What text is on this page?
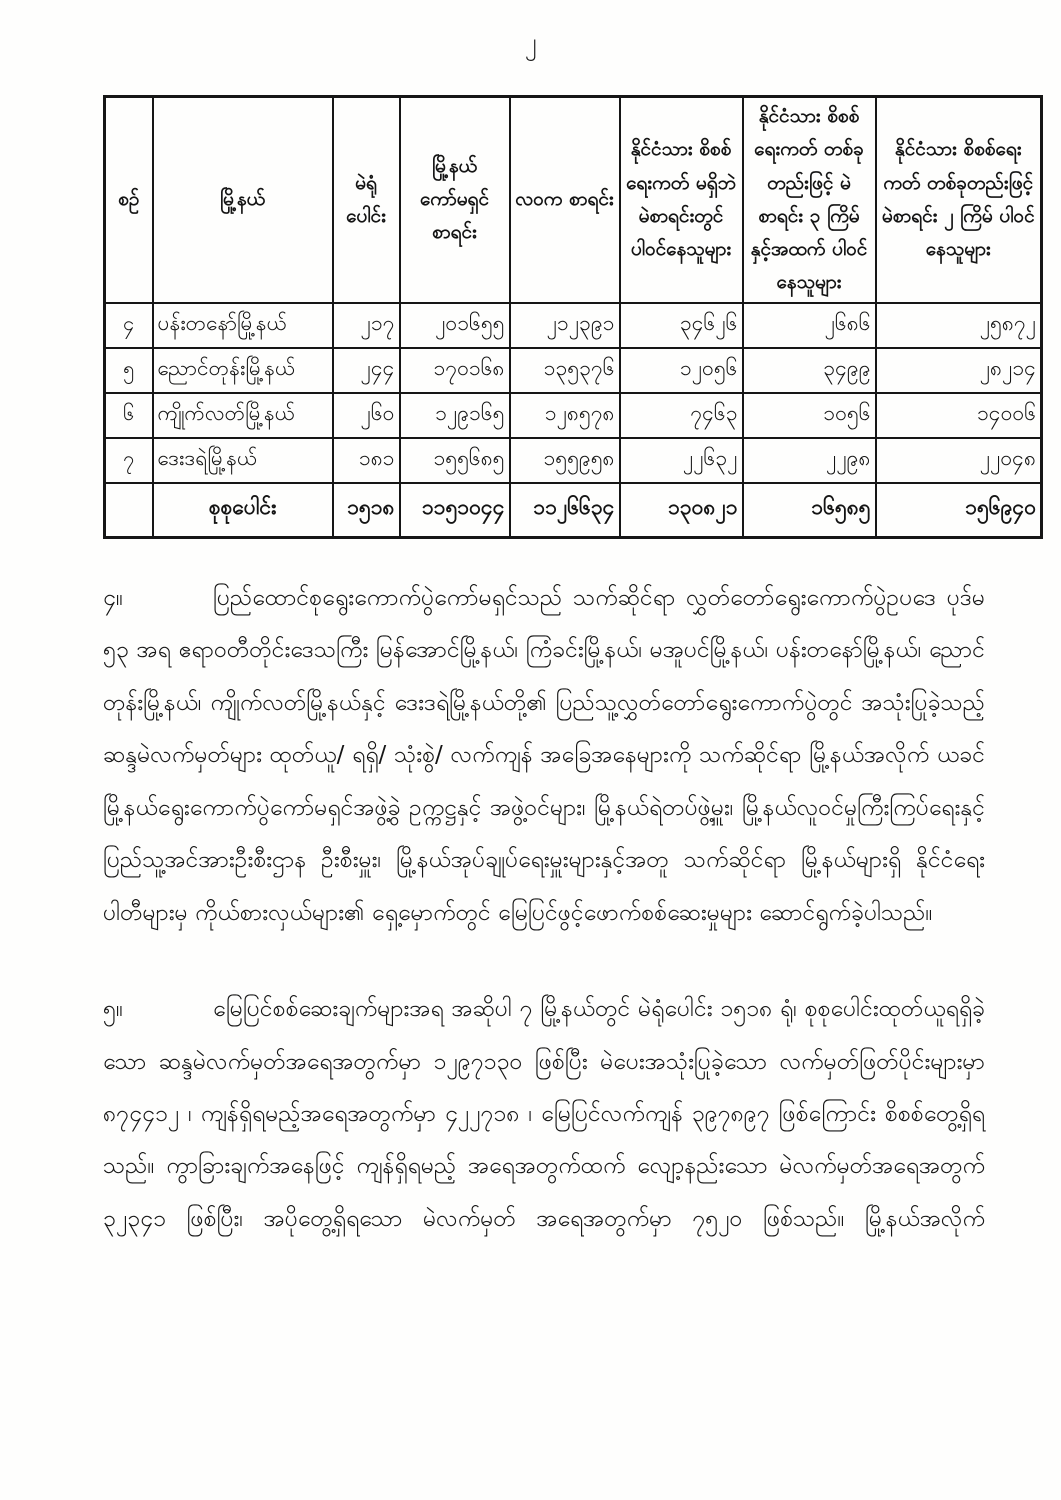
၂
စဉ်	မြို့နယ်	မဲရုံ ပေါင်း	မြို့နယ် ကော်မရှင် စာရင်း	လဝက စာရင်း	နိုင်ငံသား စိစစ်ရေးကတ် မရှိဘဲ မဲစာရင်းတွင် ပါဝင်နေသူများ	နိုင်ငံသား စိစစ်ရေးကတ် တစ်ခုတည်းဖြင့် မဲစာရင်း ၃ ကြိမ် နှင့်အထက် ပါဝင်နေသူများ	နိုင်ငံသား စိစစ်ရေးကတ် တစ်ခုတည်းဖြင့် မဲစာရင်း ၂ ကြိမ် ပါဝင်နေသူများ
၄	ပန်းတနော်မြို့နယ်	၂၁၇	၂၀၁၆၅၅	၂၁၂၃၉၁	၃၄၆၂၆	၂၆၈၆	၂၅၈၇၂
၅	ညောင်တုန်းမြို့နယ်	၂၄၄	၁၇၀၁၆၈	၁၃၅၃၇၆	၁၂၀၅၆	၃၄၉၉	၂၈၂၁၄
၆	ကျိုက်လတ်မြို့နယ်	၂၆၀	၁၂၉၁၆၅	၁၂၈၅၇၈	၇၄၆၃	၁၀၅၆	၁၄၀၀၆
၇	ဒေးဒရဲမြို့နယ်	၁၈၁	၁၅၅၆၈၅	၁၅၅၉၅၈	၂၂၆၃၂	၂၂၉၈	၂၂၀၄၈
	စုစုပေါင်း	၁၅၁၈	၁၁၅၁၀၄၄	၁၁၂၆၆၃၄	၁၃၀၈၂၁	၁၆၅၈၅	၁၅၆၉၄၀

၄။	ပြည်ထောင်စုရွေးကောက်ပွဲကော်မရှင်သည် သက်ဆိုင်ရာ လွှတ်တော်ရွေးကောက်ပွဲဥပဒေ ပုဒ်မ ၅၃ အရ ဧရာဝတီတိုင်းဒေသကြီး မြန်အောင်မြို့နယ်၊ ကြံခင်းမြို့နယ်၊ မအူပင်မြို့နယ်၊ ပန်းတနော်မြို့နယ်၊ ညောင်တုန်းမြို့နယ်၊ ကျိုက်လတ်မြို့နယ်နှင့် ဒေးဒရဲမြို့နယ်တို့၏ ပြည်သူ့လွှတ်တော်ရွေးကောက်ပွဲတွင် အသုံးပြုခဲ့သည့် ဆန္ဒမဲလက်မှတ်များ ထုတ်ယူ/ ရရှိ/ သုံးစွဲ/ လက်ကျန် အခြေအနေများကို သက်ဆိုင်ရာ မြို့နယ်အလိုက် ယခင်မြို့နယ်ရွေးကောက်ပွဲကော်မရှင်အဖွဲ့ခွဲ ဥက္ကဋ္ဌနှင့် အဖွဲ့ဝင်များ၊ မြို့နယ်ရဲတပ်ဖွဲ့မှူး၊ မြို့နယ်လူဝင်မှုကြီးကြပ်ရေးနှင့် ပြည်သူ့အင်အားဦးစီးဌာန ဦးစီးမှူး၊ မြို့နယ်အုပ်ချုပ်ရေးမှူးများနှင့်အတူ သက်ဆိုင်ရာ မြို့နယ်များရှိ နိုင်ငံရေးပါတီများမှ ကိုယ်စားလှယ်များ၏ ရှေ့မှောက်တွင် မြေပြင်ဖွင့်ဖောက်စစ်ဆေးမှုများ ဆောင်ရွက်ခဲ့ပါသည်။

၅။	မြေပြင်စစ်ဆေးချက်များအရ အဆိုပါ ၇ မြို့နယ်တွင် မဲရုံပေါင်း ၁၅၁၈ ရုံ၊ စုစုပေါင်းထုတ်ယူရရှိခဲ့သော ဆန္ဒမဲလက်မှတ်အရေအတွက်မှာ ၁၂၉၇၁၃၀ ဖြစ်ပြီး မဲပေးအသုံးပြုခဲ့သော လက်မှတ်ဖြတ်ပိုင်းများမှာ ၈၇၄၄၁၂ ၊ ကျန်ရှိရမည့်အရေအတွက်မှာ ၄၂၂၇၁၈ ၊ မြေပြင်လက်ကျန် ၃၉၇၈၉၇ ဖြစ်ကြောင်း စိစစ်တွေ့ရှိရသည်။ ကွာခြားချက်အနေဖြင့် ကျန်ရှိရမည့် အရေအတွက်ထက် လျော့နည်းသော မဲလက်မှတ်အရေအတွက် ၃၂၃၄၁ ဖြစ်ပြီး၊ အပိုတွေ့ရှိရသော မဲလက်မှတ် အရေအတွက်မှာ ၇၅၂၀ ဖြစ်သည်။ မြို့နယ်အလိုက်
